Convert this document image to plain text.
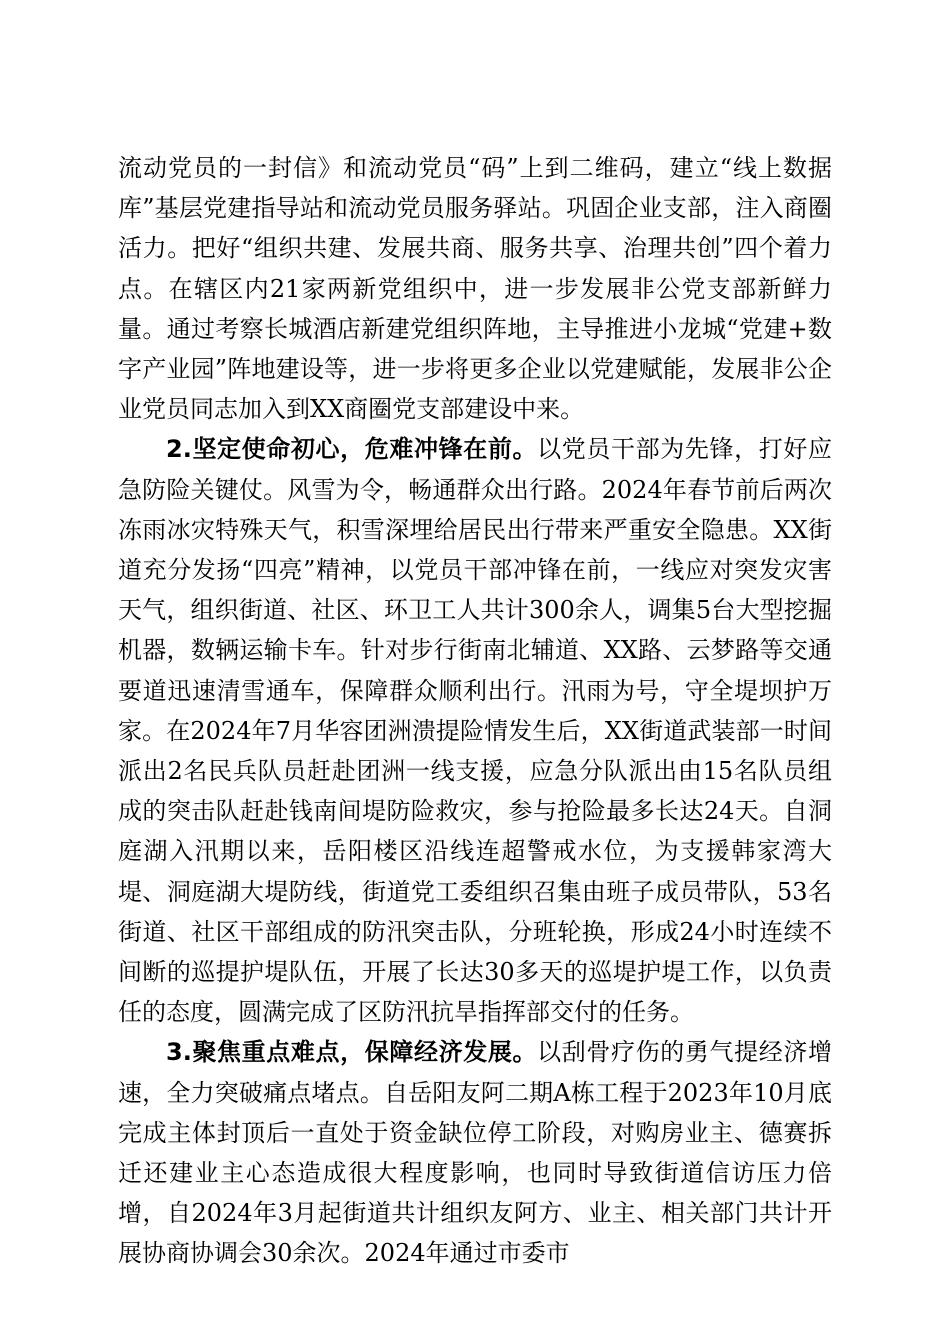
流动党员的一封信》和流动党员“码”上到二维码，建立“线上数据库”基层党建指导站和流动党员服务驿站。巩固企业支部，注入商圈活力。把好“组织共建、发展共商、服务共享、治理共创”四个着力点。在辖区内21家两新党组织中，进一步发展非公党支部新鲜力量。通过考察长城酒店新建党组织阵地，主导推进小龙城“党建+数字产业园”阵地建设等，进一步将更多企业以党建赋能，发展非公企业党员同志加入到XX商圈党支部建设中来。

2.坚定使命初心，危难冲锋在前。以党员干部为先锋，打好应急防险关键仗。风雪为令，畅通群众出行路。2024年春节前后两次冻雨冰灾特殊天气，积雪深埋给居民出行带来严重安全隐患。XX街道充分发扬“四亮”精神，以党员干部冲锋在前，一线应对突发灾害天气，组织街道、社区、环卫工人共计300余人，调集5台大型挖掘机器，数辆运输卡车。针对步行街南北辅道、XX路、云梦路等交通要道迅速清雪通车，保障群众顺利出行。汛雨为号，守全堤坝护万家。在2024年7月华容团洲溃提险情发生后，XX街道武装部一时间派出2名民兵队员赶赴团洲一线支援，应急分队派出由15名队员组成的突击队赶赴钱南间堤防险救灾，参与抢险最多长达24天。自洞庭湖入汛期以来，岳阳楼区沿线连超警戒水位，为支援韩家湾大堤、洞庭湖大堤防线，街道党工委组织召集由班子成员带队，53名街道、社区干部组成的防汛突击队，分班轮换，形成24小时连续不间断的巡提护堤队伍，开展了长达30多天的巡堤护堤工作，以负责任的态度，圆满完成了区防汛抗旱指挥部交付的任务。

3.聚焦重点难点，保障经济发展。以刮骨疗伤的勇气提经济增速，全力突破痛点堵点。自岳阳友阿二期A栋工程于2023年10月底完成主体封顶后一直处于资金缺位停工阶段，对购房业主、德赛拆迁还建业主心态造成很大程度影响，也同时导致街道信访压力倍增，自2024年3月起街道共计组织友阿方、业主、相关部门共计开展协商协调会30余次。2024年通过市委市
